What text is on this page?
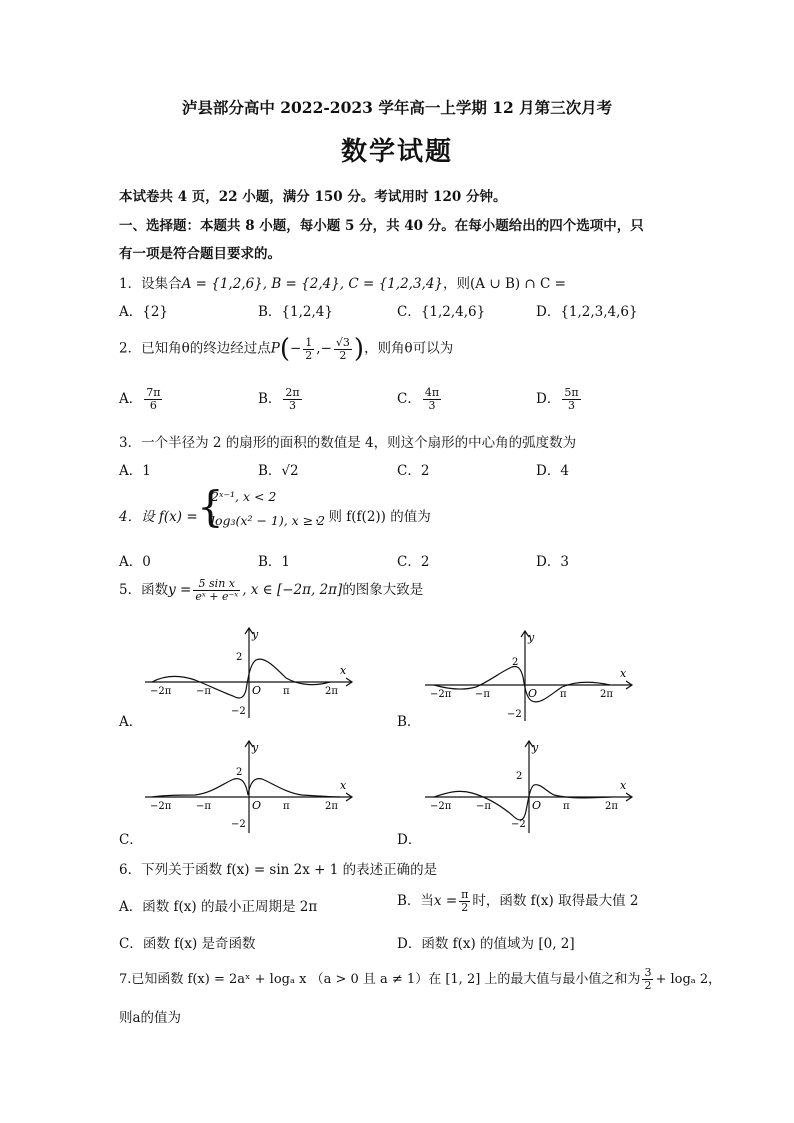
泸县部分高中 2022-2023 学年高一上学期 12 月第三次月考
数学试题
本试卷共 4 页，22 小题，满分 150 分。考试用时 120 分钟。
一、选择题：本题共 8 小题，每小题 5 分，共 40 分。在每小题给出的四个选项中，只
有一项是符合题目要求的。
1．设集合A = {1,2,6}, B = {2,4}, C = {1,2,3,4}，则(A ∪ B) ∩ C =
A．{2}	B．{1,2,4}	C．{1,2,4,6}	D．{1,2,3,4,6}
2．已知角θ的终边经过点$P(- \frac{1}{2}$ ,− $\frac{√3}{2}$ )，则角θ可以为
A． $\frac{7\pi}{6}$	B． $\frac{2\pi}{3}$	C． $\frac{4\pi}{3}$	D． $\frac{5\pi}{3}$
3．一个半径为 2 的扇形的面积的数值是 4，则这个扇形的中心角的弧度数为
A．1	B．√2	C．2	D．4
4．设 f(x) = {
2ˣ⁻¹, x < 2
log₃(x² − 1), x ≥ 2
，则 f(f(2)) 的值为
A．0	B．1	C．2	D．3
5．函数$y = \frac{\text{5 sin x}}{\text{eˣ + e⁻ˣ}}$ , x ∈ [−2π, 2π]的图象大致是
A．	B．
C．	D．
y
x
2
−2
O
−2π −π	π	2π
y
x
2
−2
O
−2π −π	π	2π
y
x
2
−2
O
−2π −π	π	2π
y
x
2
−2
O
−2π −π	π	2π
6．下列关于函数 f(x) = sin 2x + 1 的表述正确的是
A．函数 f(x) 的最小正周期是 2π	B．当$x = \frac{\pi}{2}$ 时，函数 f(x) 取得最大值 2
C．函数 f(x) 是奇函数	D．函数 f(x) 的值域为 [0, 2]
7.已知函数 f(x) = 2aˣ + logₐ x （a > 0 且 a ≠ 1）在 [1, 2] 上的最大值与最小值之和为 $\frac{3}{2} + \log_a$ 2，
则a的值为
